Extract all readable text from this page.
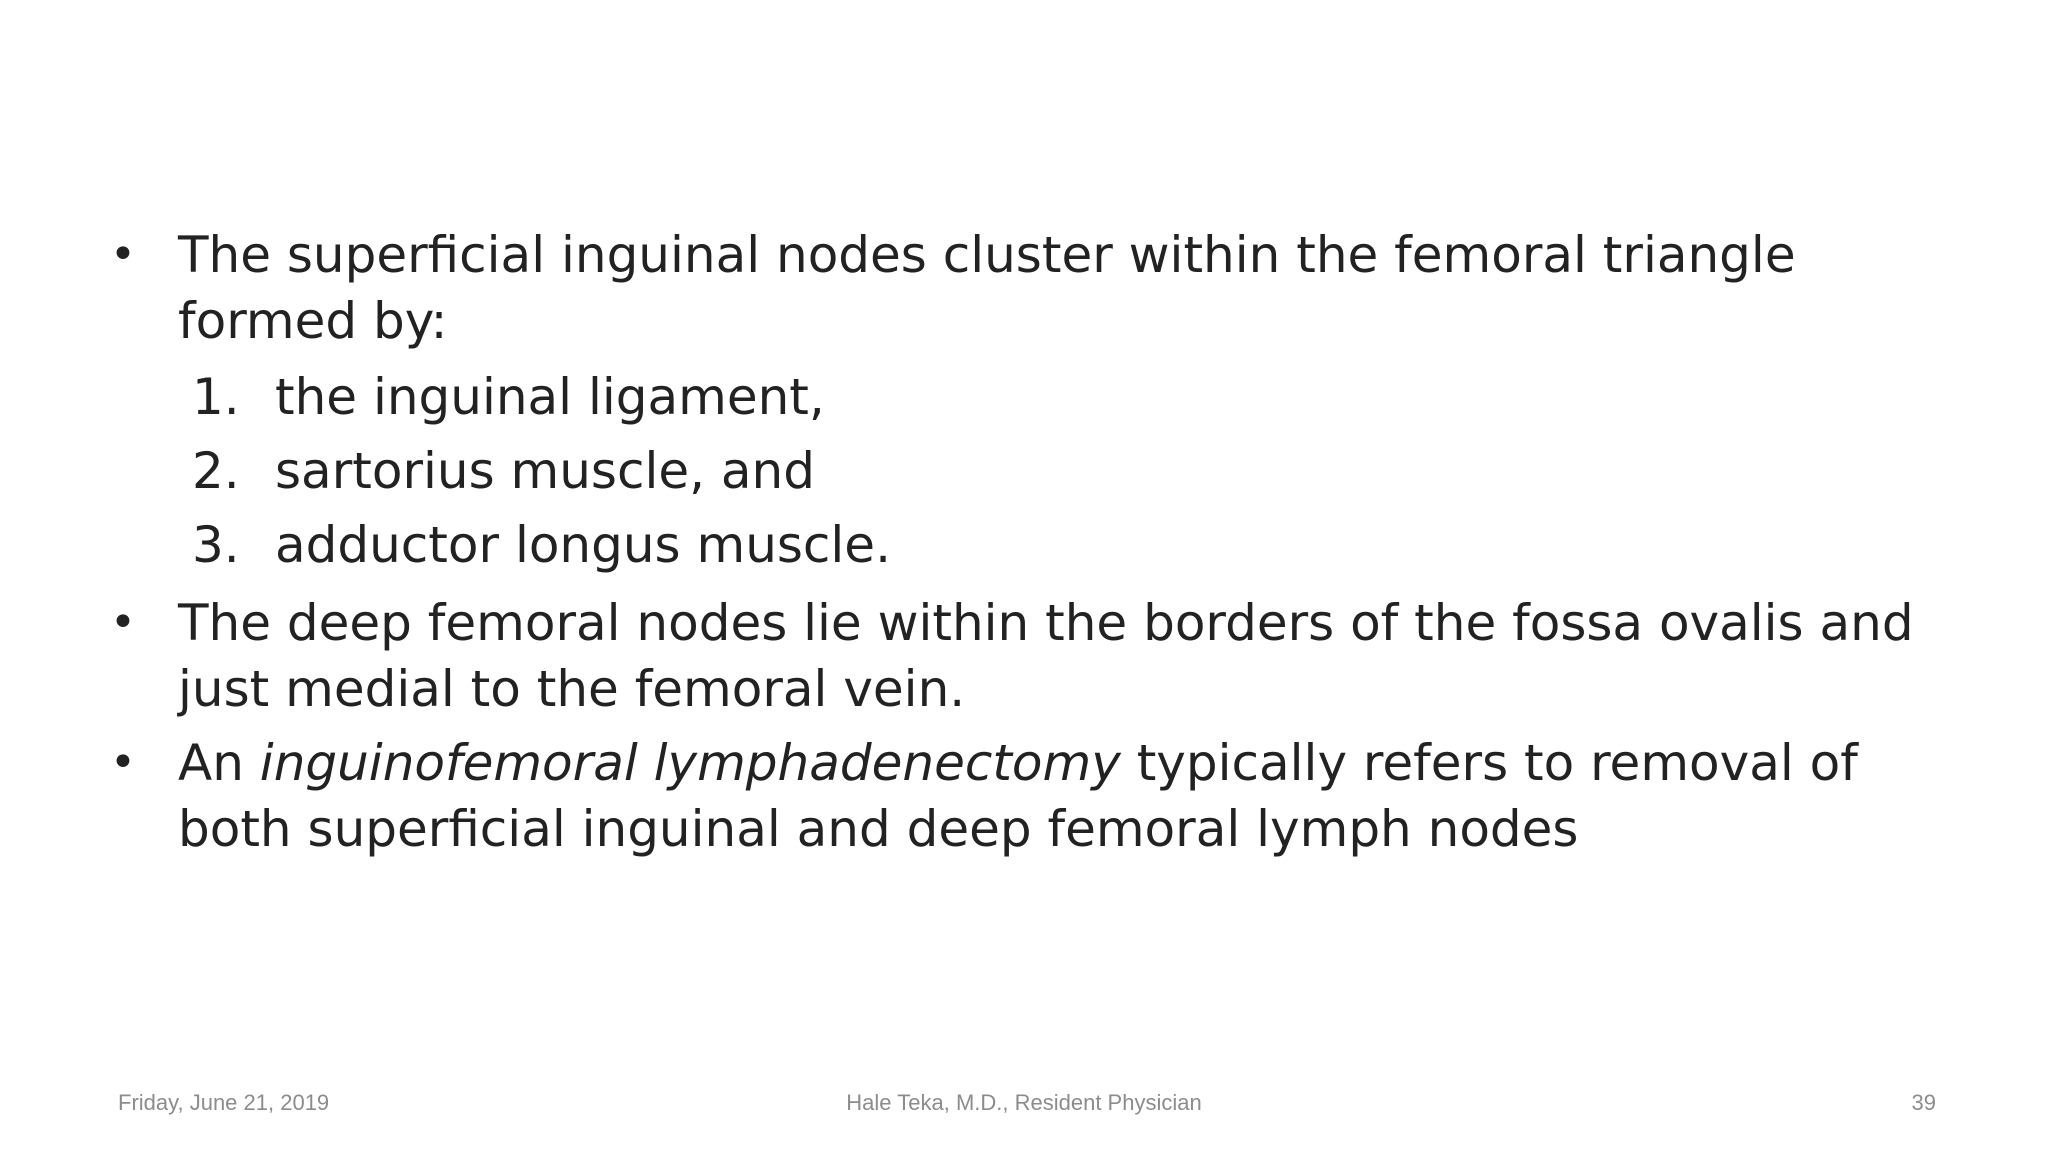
• The superficial inguinal nodes cluster within the femoral triangle formed by:
1. the inguinal ligament,
2. sartorius muscle, and
3. adductor longus muscle.
• The deep femoral nodes lie within the borders of the fossa ovalis and just medial to the femoral vein.
• An inguinofemoral lymphadenectomy typically refers to removal of both superficial inguinal and deep femoral lymph nodes
Friday, June 21, 2019	Hale Teka, M.D., Resident Physician	39
